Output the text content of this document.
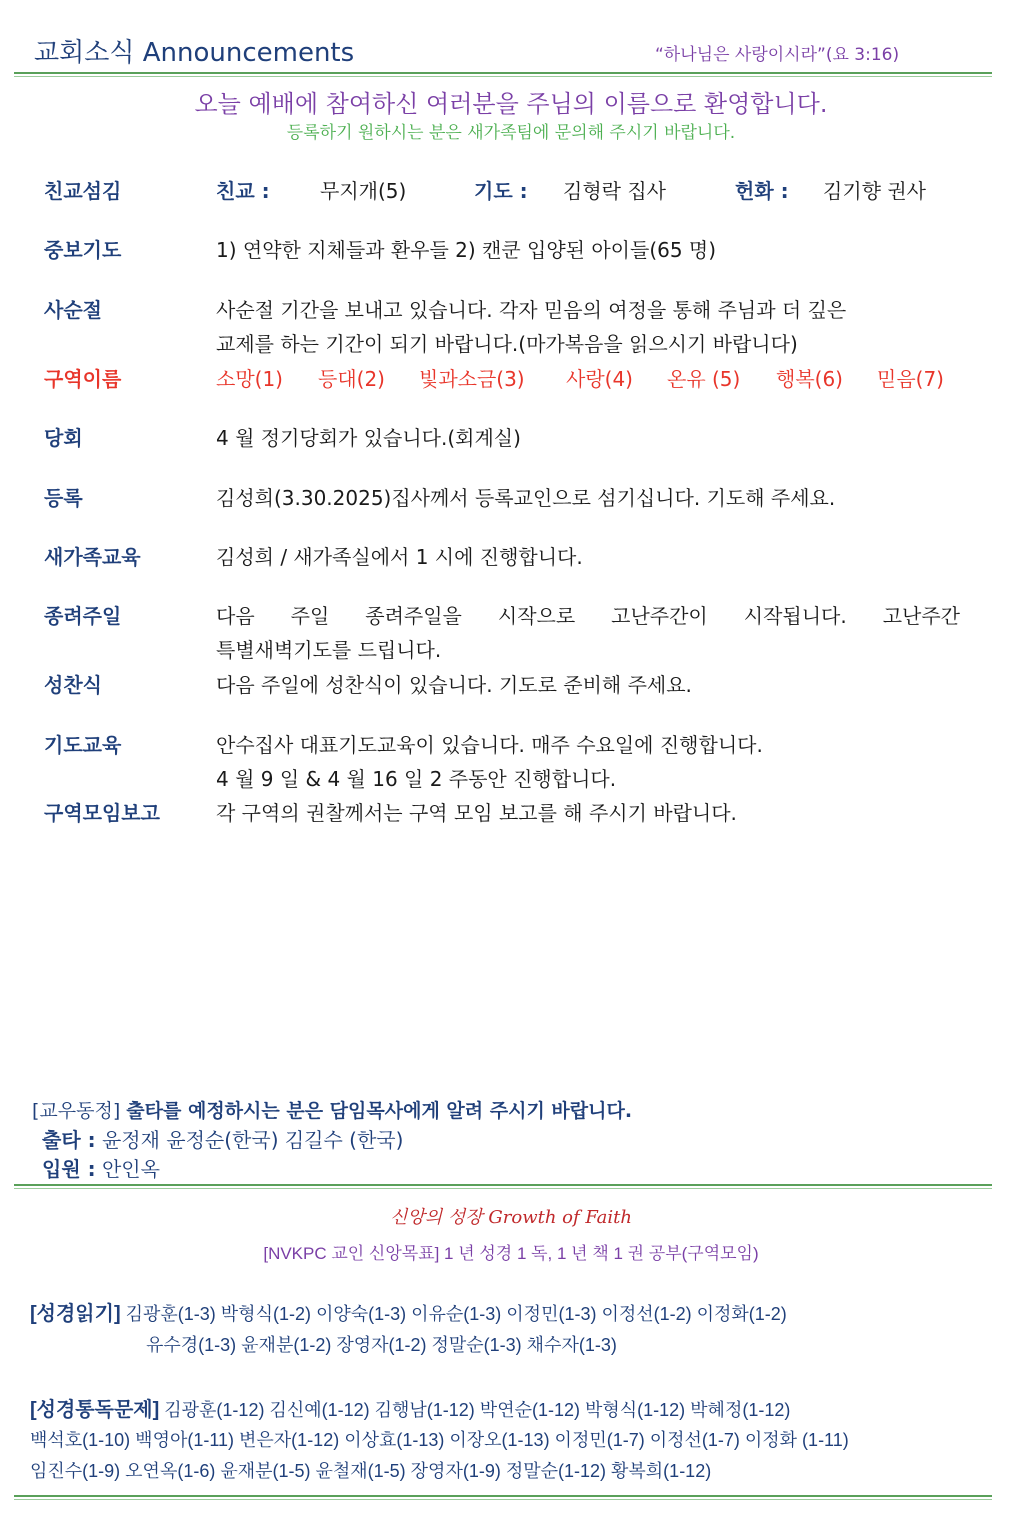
교회소식 Announcements	“하나님은 사랑이시라”(요 3:16)
오늘 예배에 참여하신 여러분을 주님의 이름으로 환영합니다.
등록하기 원하시는 분은 새가족팀에 문의해 주시기 바랍니다.
친교섬김	친교 :	무지개(5)	기도 : 김형락 집사	헌화 : 김기향 권사
중보기도	1) 연약한 지체들과 환우들 2) 캔쿤 입양된 아이들(65 명)
사순절	사순절 기간을 보내고 있습니다. 각자 믿음의 여정을 통해 주님과 더 깊은
교제를 하는 기간이 되기 바랍니다.(마가복음을 읽으시기 바랍니다)
구역이름	소망(1) 등대(2) 빛과소금(3) 사랑(4) 온유 (5) 행복(6) 믿음(7)
당회	4 월 정기당회가 있습니다.(회계실)
등록	김성희(3.30.2025)집사께서 등록교인으로 섬기십니다. 기도해 주세요.
새가족교육	김성희 / 새가족실에서 1 시에 진행합니다.
종려주일	다음 주일 종려주일을 시작으로 고난주간이 시작됩니다. 고난주간
특별새벽기도를 드립니다.
성찬식	다음 주일에 성찬식이 있습니다. 기도로 준비해 주세요.
기도교육	안수집사 대표기도교육이 있습니다. 매주 수요일에 진행합니다.
4 월 9 일 & 4 월 16 일 2 주동안 진행합니다.
구역모임보고	각 구역의 권찰께서는 구역 모임 보고를 해 주시기 바랍니다.
[교우동정] 출타를 예정하시는 분은 담임목사에게 알려 주시기 바랍니다.
출타 : 윤정재 윤정순(한국) 김길수 (한국)
입원 : 안인옥
신앙의 성장 Growth of Faith
[NVKPC 교인 신앙목표] 1 년 성경 1 독, 1 년 책 1 권 공부(구역모임)
[성경읽기] 김광훈(1-3) 박형식(1-2) 이양숙(1-3) 이유순(1-3) 이정민(1-3) 이정선(1-2) 이정화(1-2)
유수경(1-3) 윤재분(1-2) 장영자(1-2) 정말순(1-3) 채수자(1-3)
[성경통독문제] 김광훈(1-12) 김신예(1-12) 김행남(1-12) 박연순(1-12) 박형식(1-12) 박혜정(1-12)
백석호(1-10) 백영아(1-11) 변은자(1-12) 이상효(1-13) 이장오(1-13) 이정민(1-7) 이정선(1-7) 이정화 (1-11)
임진수(1-9) 오연옥(1-6) 윤재분(1-5) 윤철재(1-5) 장영자(1-9) 정말순(1-12) 황복희(1-12)
